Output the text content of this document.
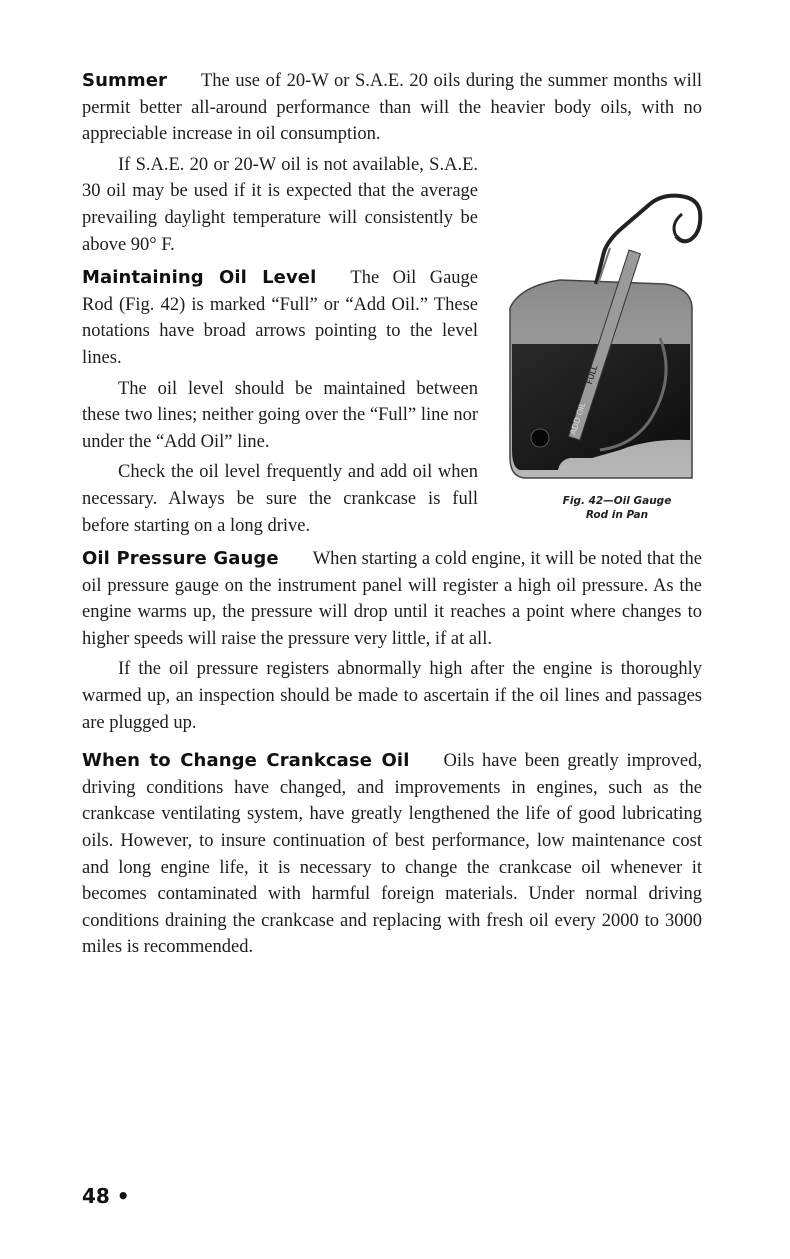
Summer The use of 20-W or S.A.E. 20 oils during the summer months will permit better all-around performance than will the heavier body oils, with no appreciable increase in oil consumption.

FULL
ADD OIL
Fig. 42—Oil Gauge
Rod in Pan

If S.A.E. 20 or 20-W oil is not available, S.A.E. 30 oil may be used if it is expected that the average prevailing daylight temperature will consistently be above 90° F.

Maintaining Oil Level The Oil Gauge Rod (Fig. 42) is marked “Full” or “Add Oil.” These notations have broad arrows pointing to the level lines.

The oil level should be maintained between these two lines; neither going over the “Full” line nor under the “Add Oil” line.

Check the oil level frequently and add oil when necessary. Always be sure the crankcase is full before starting on a long drive.

Oil Pressure Gauge When starting a cold engine, it will be noted that the oil pressure gauge on the instrument panel will register a high oil pressure. As the engine warms up, the pressure will drop until it reaches a point where changes to higher speeds will raise the pressure very little, if at all.

If the oil pressure registers abnormally high after the engine is thoroughly warmed up, an inspection should be made to ascertain if the oil lines and passages are plugged up.

When to Change Crankcase Oil Oils have been greatly improved, driving conditions have changed, and improvements in engines, such as the crankcase ventilating system, have greatly lengthened the life of good lubricating oils. However, to insure continuation of best performance, low maintenance cost and long engine life, it is necessary to change the crankcase oil whenever it becomes contaminated with harmful foreign materials. Under normal driving conditions draining the crankcase and replacing with fresh oil every 2000 to 3000 miles is recommended.

48 •
